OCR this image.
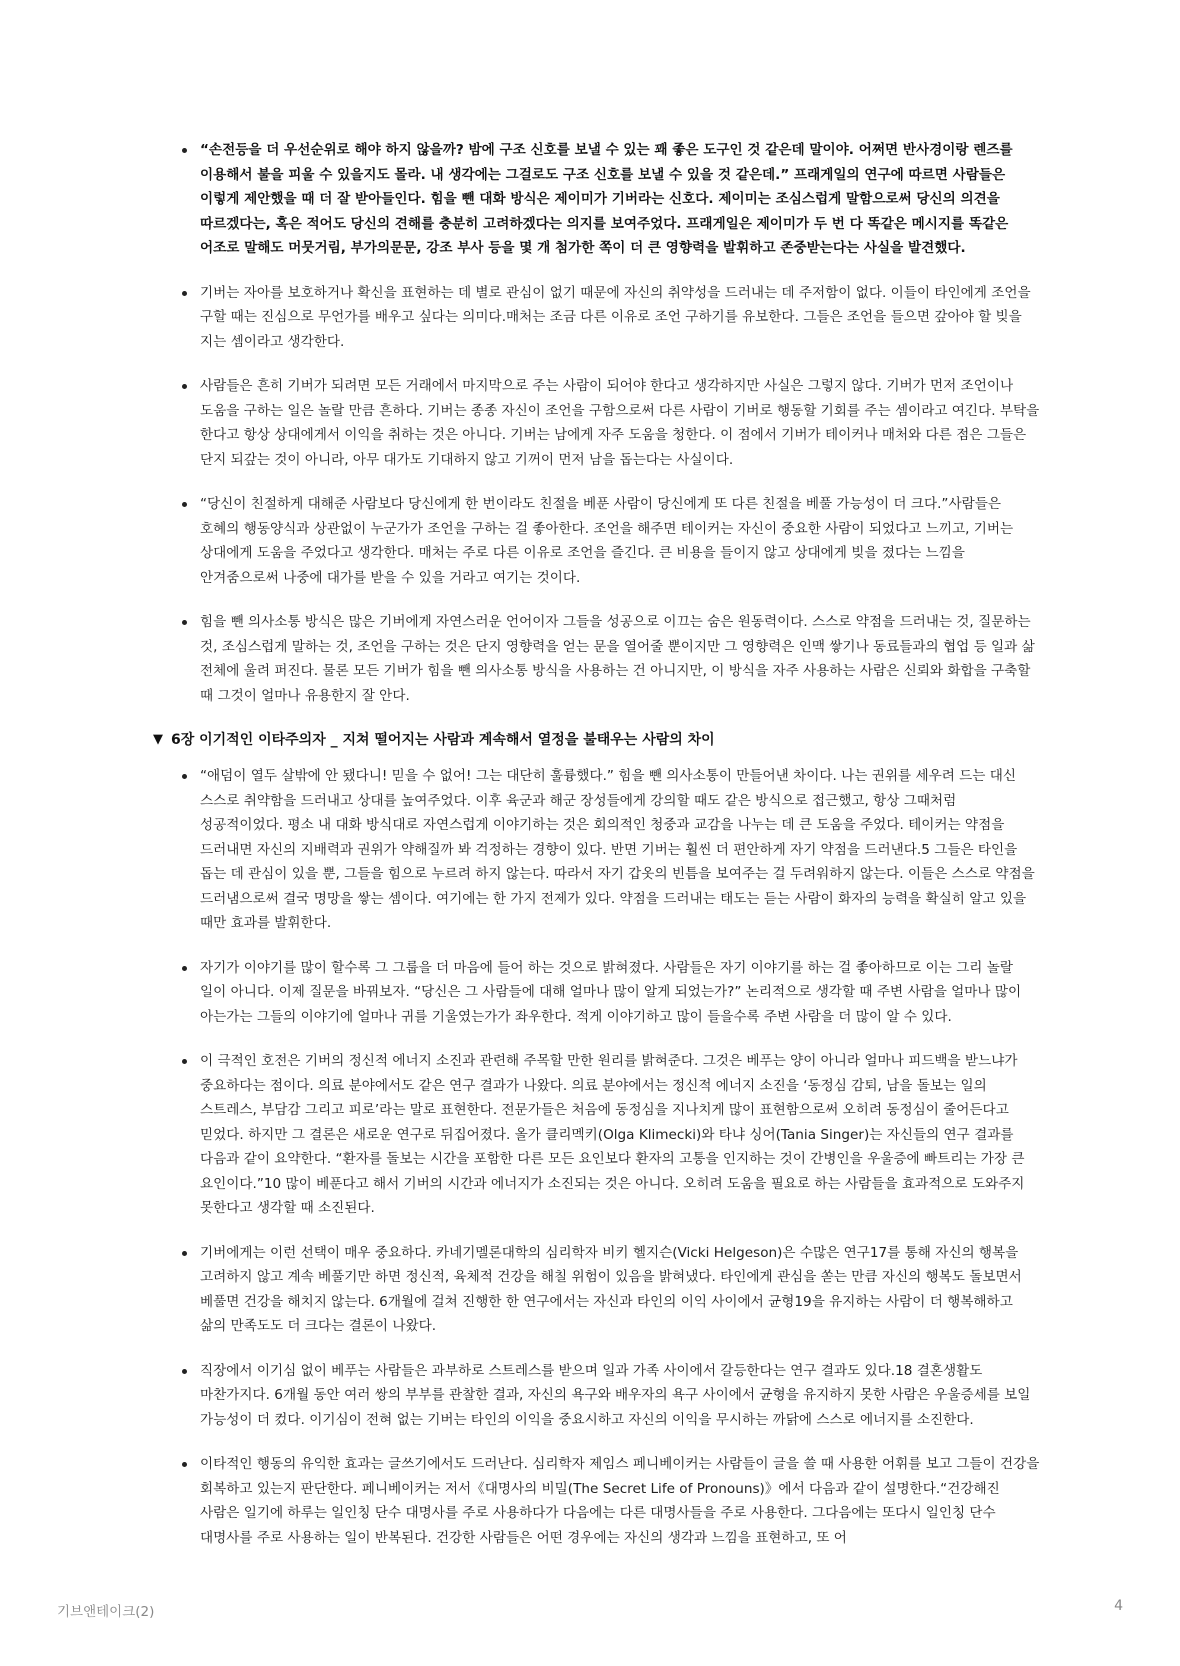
“손전등을 더 우선순위로 해야 하지 않을까? 밤에 구조 신호를 보낼 수 있는 꽤 좋은 도구인 것 같은데 말이야. 어쩌면 반사경이랑 렌즈를 이용해서 불을 피울 수 있을지도 몰라. 내 생각에는 그걸로도 구조 신호를 보낼 수 있을 것 같은데.” 프래게일의 연구에 따르면 사람들은 이렇게 제안했을 때 더 잘 받아들인다. 힘을 뺀 대화 방식은 제이미가 기버라는 신호다. 제이미는 조심스럽게 말함으로써 당신의 의견을 따르겠다는, 혹은 적어도 당신의 견해를 충분히 고려하겠다는 의지를 보여주었다. 프래게일은 제이미가 두 번 다 똑같은 메시지를 똑같은 어조로 말해도 머뭇거림, 부가의문문, 강조 부사 등을 몇 개 첨가한 쪽이 더 큰 영향력을 발휘하고 존중받는다는 사실을 발견했다.
기버는 자아를 보호하거나 확신을 표현하는 데 별로 관심이 없기 때문에 자신의 취약성을 드러내는 데 주저함이 없다. 이들이 타인에게 조언을 구할 때는 진심으로 무언가를 배우고 싶다는 의미다.매처는 조금 다른 이유로 조언 구하기를 유보한다. 그들은 조언을 들으면 갚아야 할 빚을 지는 셈이라고 생각한다.
사람들은 흔히 기버가 되려면 모든 거래에서 마지막으로 주는 사람이 되어야 한다고 생각하지만 사실은 그렇지 않다. 기버가 먼저 조언이나 도움을 구하는 일은 놀랄 만큼 흔하다. 기버는 종종 자신이 조언을 구함으로써 다른 사람이 기버로 행동할 기회를 주는 셈이라고 여긴다. 부탁을 한다고 항상 상대에게서 이익을 취하는 것은 아니다. 기버는 남에게 자주 도움을 청한다. 이 점에서 기버가 테이커나 매처와 다른 점은 그들은 단지 되갚는 것이 아니라, 아무 대가도 기대하지 않고 기꺼이 먼저 남을 돕는다는 사실이다.
“당신이 친절하게 대해준 사람보다 당신에게 한 번이라도 친절을 베푼 사람이 당신에게 또 다른 친절을 베풀 가능성이 더 크다.”사람들은 호혜의 행동양식과 상관없이 누군가가 조언을 구하는 걸 좋아한다. 조언을 해주면 테이커는 자신이 중요한 사람이 되었다고 느끼고, 기버는 상대에게 도움을 주었다고 생각한다. 매처는 주로 다른 이유로 조언을 즐긴다. 큰 비용을 들이지 않고 상대에게 빚을 졌다는 느낌을 안겨줌으로써 나중에 대가를 받을 수 있을 거라고 여기는 것이다.
힘을 뺀 의사소통 방식은 많은 기버에게 자연스러운 언어이자 그들을 성공으로 이끄는 숨은 원동력이다. 스스로 약점을 드러내는 것, 질문하는 것, 조심스럽게 말하는 것, 조언을 구하는 것은 단지 영향력을 얻는 문을 열어줄 뿐이지만 그 영향력은 인맥 쌓기나 동료들과의 협업 등 일과 삶 전체에 울려 퍼진다. 물론 모든 기버가 힘을 뺀 의사소통 방식을 사용하는 건 아니지만, 이 방식을 자주 사용하는 사람은 신뢰와 화합을 구축할 때 그것이 얼마나 유용한지 잘 안다.
▼ 6장 이기적인 이타주의자 _ 지쳐 떨어지는 사람과 계속해서 열정을 불태우는 사람의 차이
“애덤이 열두 살밖에 안 됐다니! 믿을 수 없어! 그는 대단히 훌륭했다.” 힘을 뺀 의사소통이 만들어낸 차이다. 나는 권위를 세우려 드는 대신 스스로 취약함을 드러내고 상대를 높여주었다. 이후 육군과 해군 장성들에게 강의할 때도 같은 방식으로 접근했고, 항상 그때처럼 성공적이었다. 평소 내 대화 방식대로 자연스럽게 이야기하는 것은 회의적인 청중과 교감을 나누는 데 큰 도움을 주었다. 테이커는 약점을 드러내면 자신의 지배력과 권위가 약해질까 봐 걱정하는 경향이 있다. 반면 기버는 훨씬 더 편안하게 자기 약점을 드러낸다.5 그들은 타인을 돕는 데 관심이 있을 뿐, 그들을 힘으로 누르려 하지 않는다. 따라서 자기 갑옷의 빈틈을 보여주는 걸 두려워하지 않는다. 이들은 스스로 약점을 드러냄으로써 결국 명망을 쌓는 셈이다. 여기에는 한 가지 전제가 있다. 약점을 드러내는 태도는 듣는 사람이 화자의 능력을 확실히 알고 있을 때만 효과를 발휘한다.
자기가 이야기를 많이 할수록 그 그룹을 더 마음에 들어 하는 것으로 밝혀졌다. 사람들은 자기 이야기를 하는 걸 좋아하므로 이는 그리 놀랄 일이 아니다. 이제 질문을 바꿔보자. “당신은 그 사람들에 대해 얼마나 많이 알게 되었는가?” 논리적으로 생각할 때 주변 사람을 얼마나 많이 아는가는 그들의 이야기에 얼마나 귀를 기울였는가가 좌우한다. 적게 이야기하고 많이 들을수록 주변 사람을 더 많이 알 수 있다.
이 극적인 호전은 기버의 정신적 에너지 소진과 관련해 주목할 만한 원리를 밝혀준다. 그것은 베푸는 양이 아니라 얼마나 피드백을 받느냐가 중요하다는 점이다. 의료 분야에서도 같은 연구 결과가 나왔다. 의료 분야에서는 정신적 에너지 소진을 ‘동정심 감퇴, 남을 돌보는 일의 스트레스, 부담감 그리고 피로’라는 말로 표현한다. 전문가들은 처음에 동정심을 지나치게 많이 표현함으로써 오히려 동정심이 줄어든다고 믿었다. 하지만 그 결론은 새로운 연구로 뒤집어졌다. 올가 클리멕키(Olga Klimecki)와 타냐 싱어(Tania Singer)는 자신들의 연구 결과를 다음과 같이 요약한다. “환자를 돌보는 시간을 포함한 다른 모든 요인보다 환자의 고통을 인지하는 것이 간병인을 우울증에 빠트리는 가장 큰 요인이다.”10 많이 베푼다고 해서 기버의 시간과 에너지가 소진되는 것은 아니다. 오히려 도움을 필요로 하는 사람들을 효과적으로 도와주지 못한다고 생각할 때 소진된다.
기버에게는 이런 선택이 매우 중요하다. 카네기멜론대학의 심리학자 비키 헬지슨(Vicki Helgeson)은 수많은 연구17를 통해 자신의 행복을 고려하지 않고 계속 베풀기만 하면 정신적, 육체적 건강을 해칠 위험이 있음을 밝혀냈다. 타인에게 관심을 쏟는 만큼 자신의 행복도 돌보면서 베풀면 건강을 해치지 않는다. 6개월에 걸쳐 진행한 한 연구에서는 자신과 타인의 이익 사이에서 균형19을 유지하는 사람이 더 행복해하고 삶의 만족도도 더 크다는 결론이 나왔다.
직장에서 이기심 없이 베푸는 사람들은 과부하로 스트레스를 받으며 일과 가족 사이에서 갈등한다는 연구 결과도 있다.18 결혼생활도 마찬가지다. 6개월 동안 여러 쌍의 부부를 관찰한 결과, 자신의 욕구와 배우자의 욕구 사이에서 균형을 유지하지 못한 사람은 우울증세를 보일 가능성이 더 컸다. 이기심이 전혀 없는 기버는 타인의 이익을 중요시하고 자신의 이익을 무시하는 까닭에 스스로 에너지를 소진한다.
이타적인 행동의 유익한 효과는 글쓰기에서도 드러난다. 심리학자 제임스 페니베이커는 사람들이 글을 쓸 때 사용한 어휘를 보고 그들이 건강을 회복하고 있는지 판단한다. 페니베이커는 저서《대명사의 비밀(The Secret Life of Pronouns)》에서 다음과 같이 설명한다.“건강해진 사람은 일기에 하루는 일인칭 단수 대명사를 주로 사용하다가 다음에는 다른 대명사들을 주로 사용한다. 그다음에는 또다시 일인칭 단수 대명사를 주로 사용하는 일이 반복된다. 건강한 사람들은 어떤 경우에는 자신의 생각과 느낌을 표현하고, 또 어
기브앤테이크(2)	4
